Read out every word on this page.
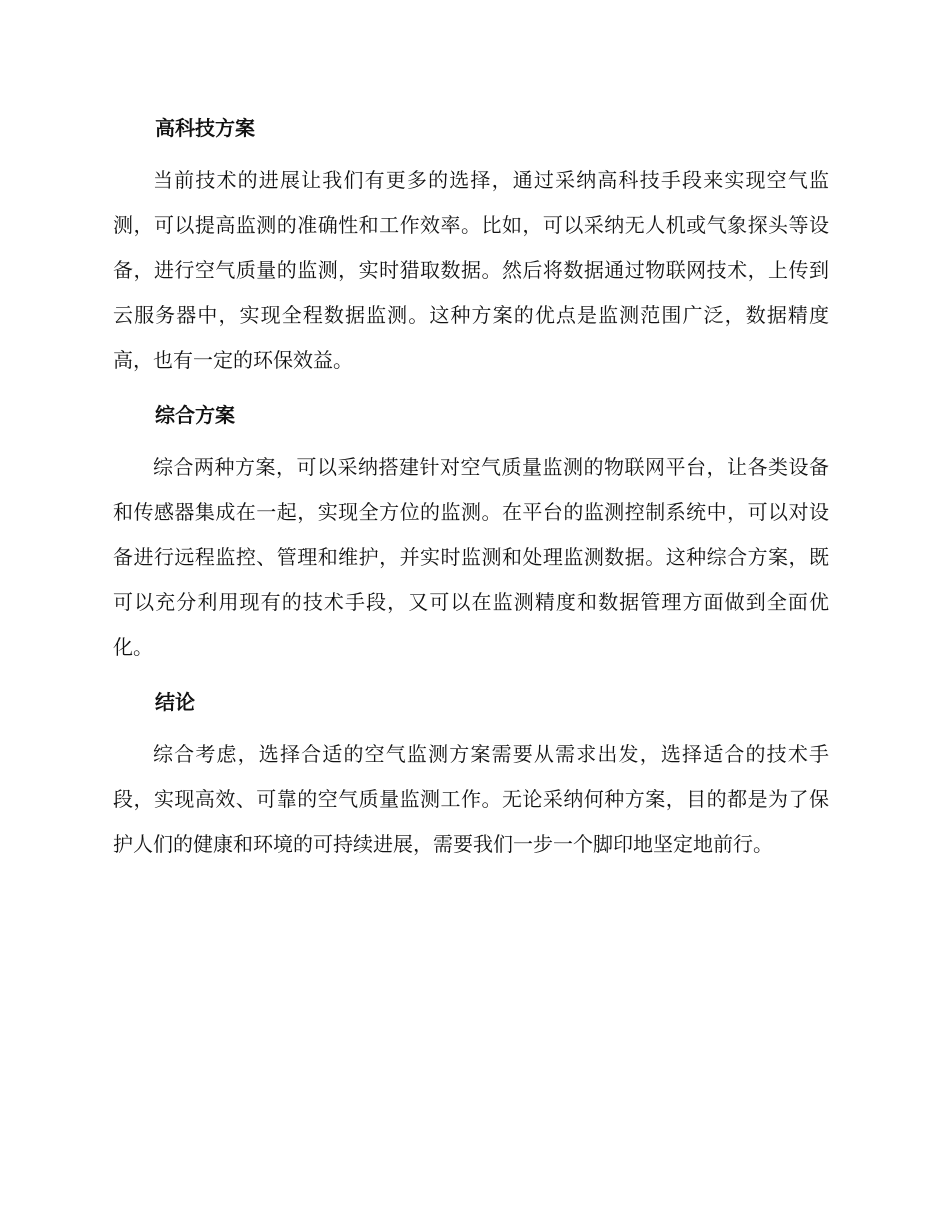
高科技方案

当前技术的进展让我们有更多的选择，通过采纳高科技手段来实现空气监测，可以提高监测的准确性和工作效率。比如，可以采纳无人机或气象探头等设备，进行空气质量的监测，实时猎取数据。然后将数据通过物联网技术，上传到云服务器中，实现全程数据监测。这种方案的优点是监测范围广泛，数据精度高，也有一定的环保效益。

综合方案

综合两种方案，可以采纳搭建针对空气质量监测的物联网平台，让各类设备和传感器集成在一起，实现全方位的监测。在平台的监测控制系统中，可以对设备进行远程监控、管理和维护，并实时监测和处理监测数据。这种综合方案，既可以充分利用现有的技术手段，又可以在监测精度和数据管理方面做到全面优化。

结论

综合考虑，选择合适的空气监测方案需要从需求出发，选择适合的技术手段，实现高效、可靠的空气质量监测工作。无论采纳何种方案，目的都是为了保护人们的健康和环境的可持续进展，需要我们一步一个脚印地坚定地前行。
